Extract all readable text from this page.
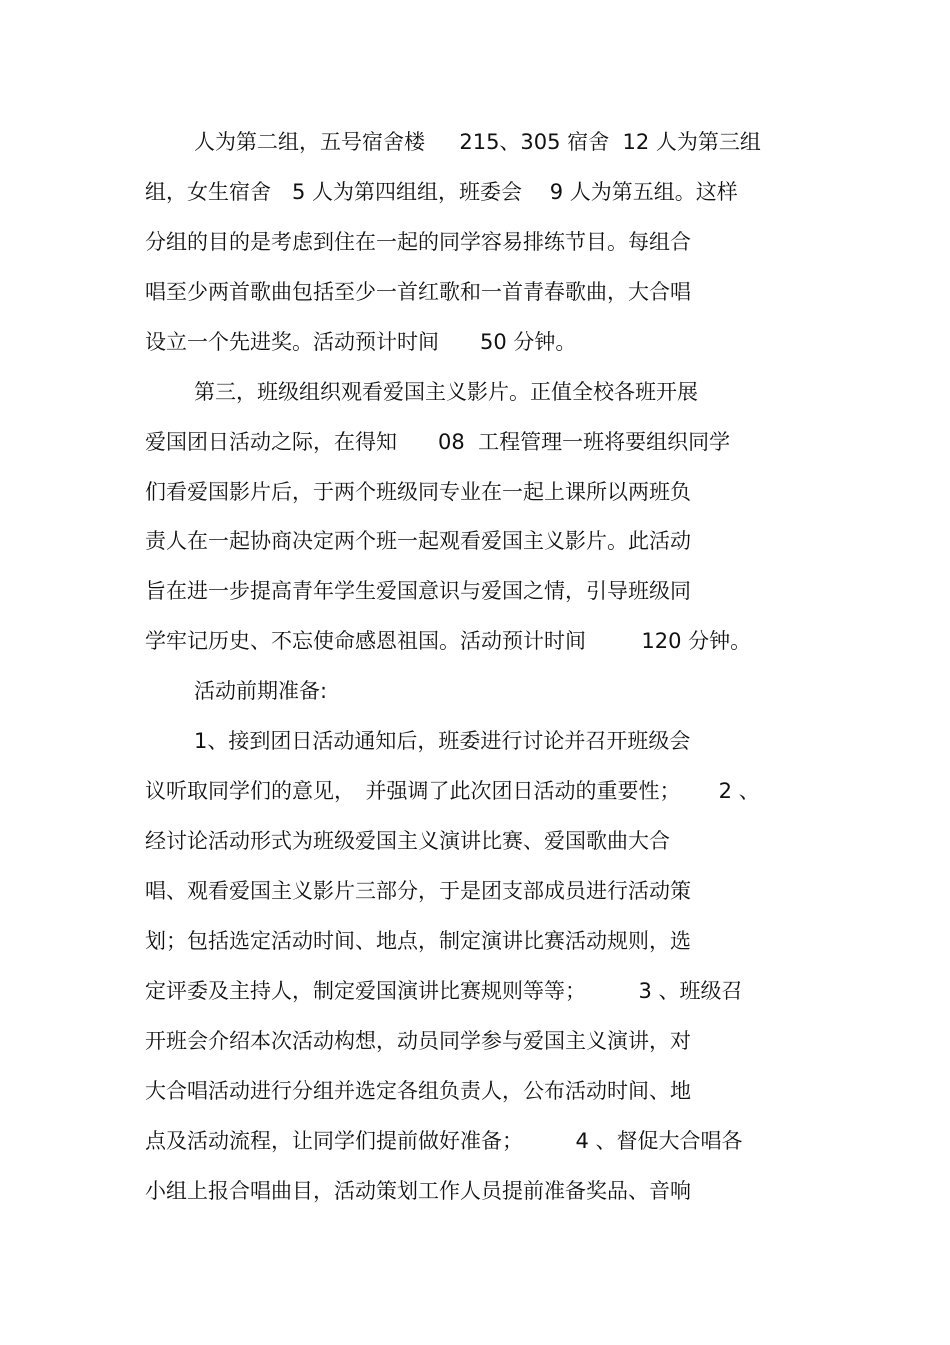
人为第二组，五号宿舍楼　  215、305 宿舍  12 人为第三组
组，女生宿舍　5 人为第四组组，班委会　 9 人为第五组。这样
分组的目的是考虑到住在一起的同学容易排练节目。每组合
唱至少两首歌曲包括至少一首红歌和一首青春歌曲，大合唱
设立一个先进奖。活动预计时间　   50 分钟。
第三，班级组织观看爱国主义影片。正值全校各班开展
爱国团日活动之际，在得知　   08  工程管理一班将要组织同学
们看爱国影片后，于两个班级同专业在一起上课所以两班负
责人在一起协商决定两个班一起观看爱国主义影片。此活动
旨在进一步提高青年学生爱国意识与爱国之情，引导班级同
学牢记历史、不忘使命感恩祖国。活动预计时间　　  120 分钟。
活动前期准备:
1、接到团日活动通知后，班委进行讨论并召开班级会
议听取同学们的意见，　并强调了此次团日活动的重要性；　　 2 、
经讨论活动形式为班级爱国主义演讲比赛、爱国歌曲大合
唱、观看爱国主义影片三部分，于是团支部成员进行活动策
划；包括选定活动时间、地点，制定演讲比赛活动规则，选
定评委及主持人，制定爱国演讲比赛规则等等；　　　3 、班级召
开班会介绍本次活动构想，动员同学参与爱国主义演讲，对
大合唱活动进行分组并选定各组负责人，公布活动时间、地
点及活动流程，让同学们提前做好准备；　　　4 、督促大合唱各
小组上报合唱曲目，活动策划工作人员提前准备奖品、音响
